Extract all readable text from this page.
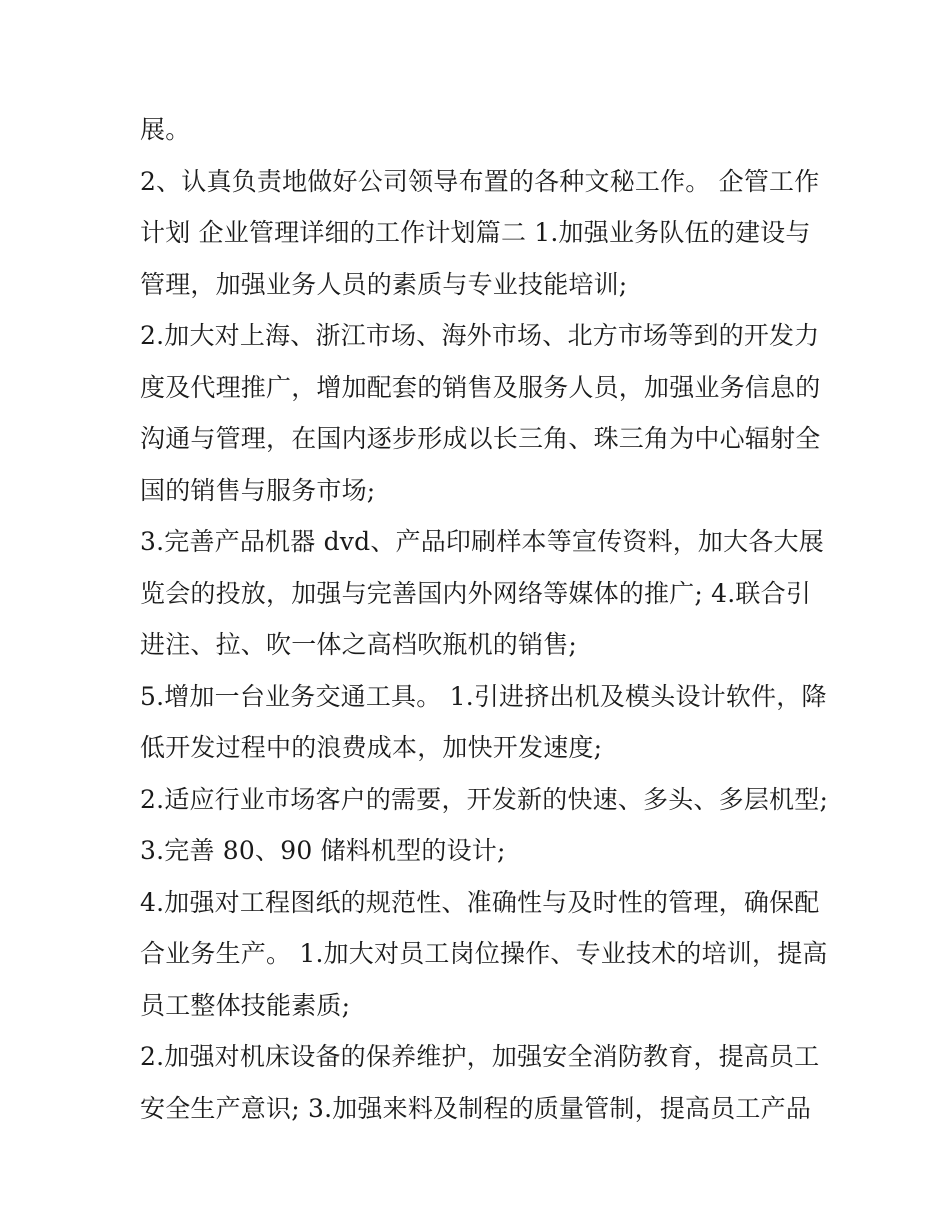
展。
2、认真负责地做好公司领导布置的各种文秘工作。 企管工作
计划 企业管理详细的工作计划篇二 1.加强业务队伍的建设与
管理，加强业务人员的素质与专业技能培训;
2.加大对上海、浙江市场、海外市场、北方市场等到的开发力
度及代理推广，增加配套的销售及服务人员，加强业务信息的
沟通与管理，在国内逐步形成以长三角、珠三角为中心辐射全
国的销售与服务市场;
3.完善产品机器 dvd、产品印刷样本等宣传资料，加大各大展
览会的投放，加强与完善国内外网络等媒体的推广; 4.联合引
进注、拉、吹一体之高档吹瓶机的销售;
5.增加一台业务交通工具。 1.引进挤出机及模头设计软件，降
低开发过程中的浪费成本，加快开发速度;
2.适应行业市场客户的需要，开发新的快速、多头、多层机型;
3.完善 80、90 储料机型的设计;
4.加强对工程图纸的规范性、准确性与及时性的管理，确保配
合业务生产。 1.加大对员工岗位操作、专业技术的培训，提高
员工整体技能素质;
2.加强对机床设备的保养维护，加强安全消防教育，提高员工
安全生产意识; 3.加强来料及制程的质量管制，提高员工产品
